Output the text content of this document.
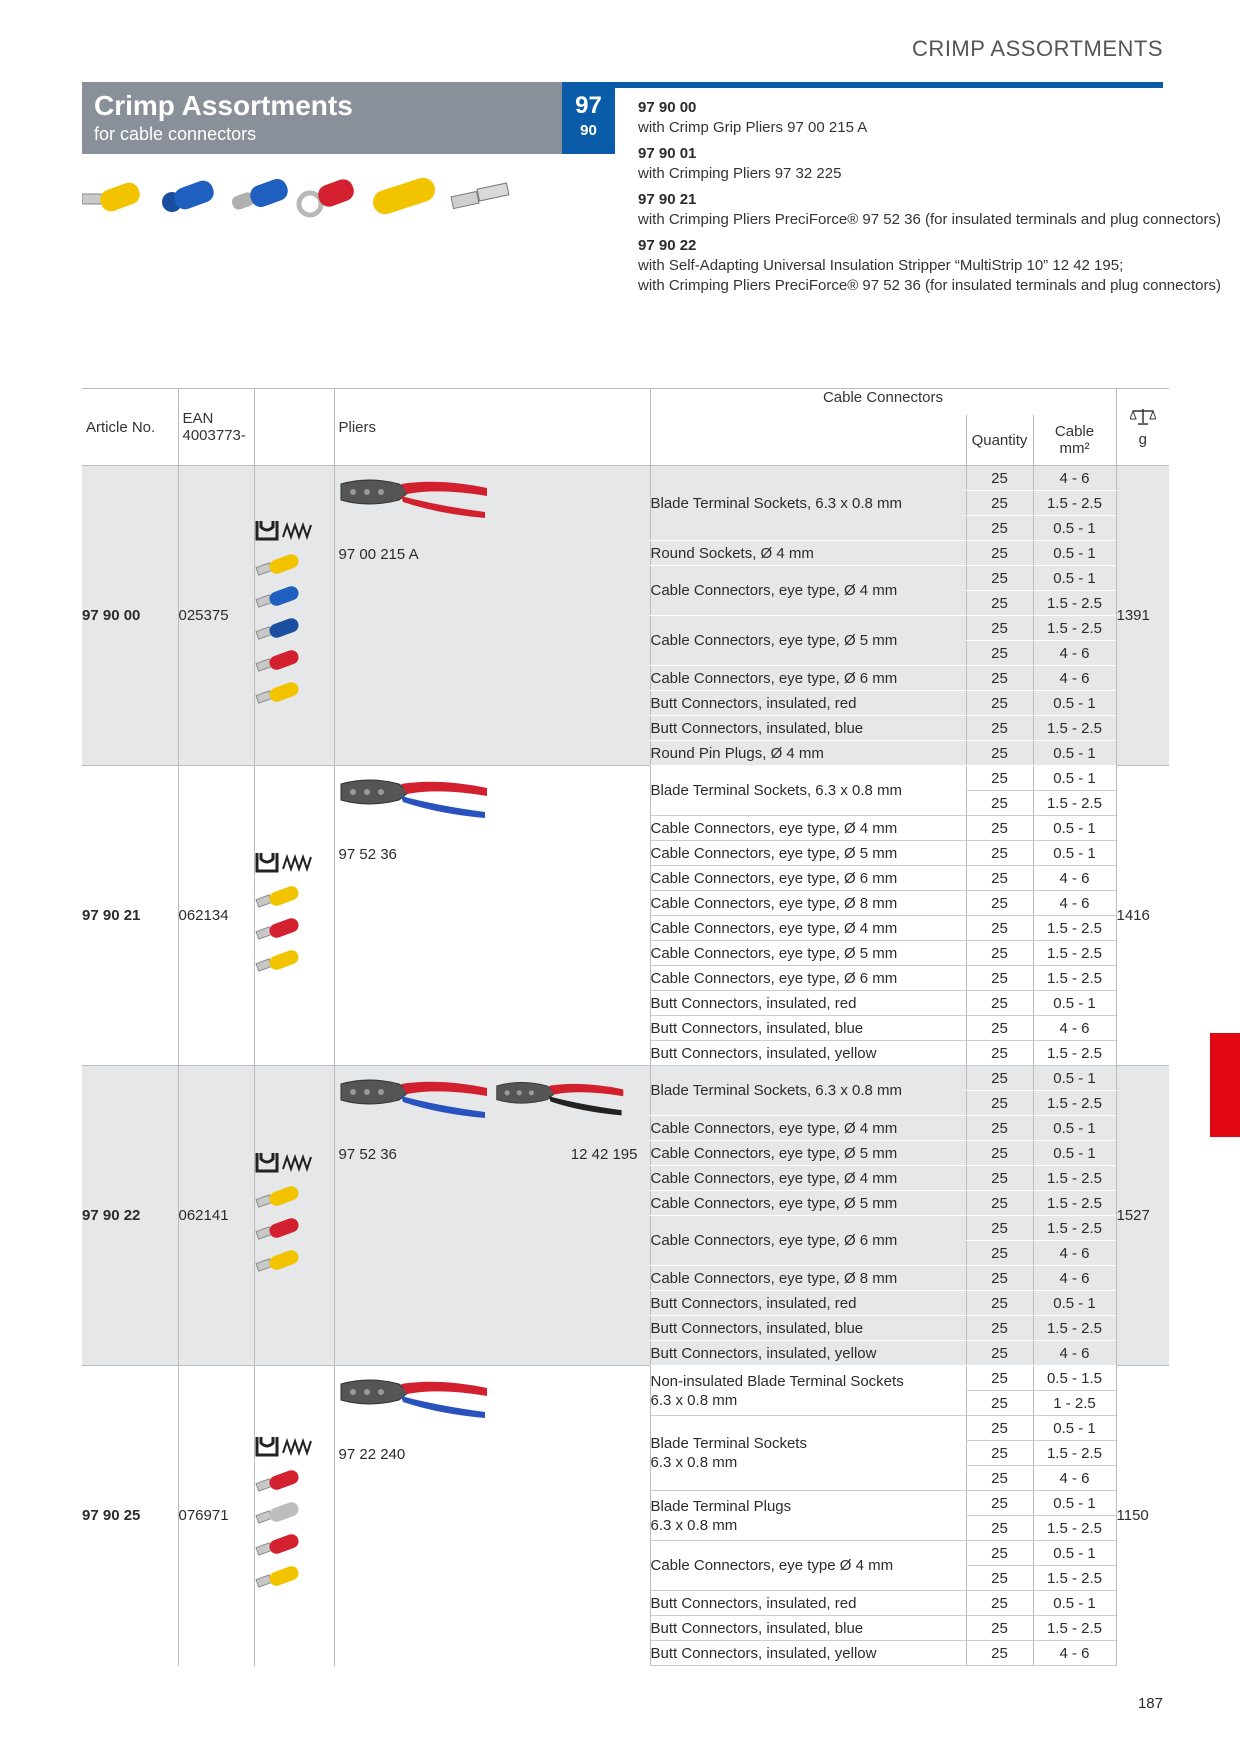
CRIMP ASSORTMENTS
Crimp Assortments
for cable connectors
97
90
97 90 00
with Crimp Grip Pliers 97 00 215 A
97 90 01
with Crimping Pliers 97 32 225
97 90 21
with Crimping Pliers PreciForce® 97 52 36 (for insulated terminals and plug connectors)
97 90 22
with Self-Adapting Universal Insulation Stripper “MultiStrip 10” 12 42 195;
with Crimping Pliers PreciForce® 97 52 36 (for insulated terminals and plug connectors)
Article No.	EAN
4003773-		Pliers	Cable Connectors			g

					Quantity	Cable
mm²	

97 90 00	025375		97 00 215 A	Blade Terminal Sockets, 6.3 x 0.8 mm	25	4 - 6	1391
					25	1.5 - 2.5	
					25	0.5 - 1	

				Round Sockets, Ø 4 mm	25	0.5 - 1	

				Cable Connectors, eye type, Ø 4 mm	25	0.5 - 1	
					25	1.5 - 2.5	

				Cable Connectors, eye type, Ø 5 mm	25	1.5 - 2.5	
					25	4 - 6	

				Cable Connectors, eye type, Ø 6 mm	25	4 - 6	

				Butt Connectors, insulated, red	25	0.5 - 1	

				Butt Connectors, insulated, blue	25	1.5 - 2.5	

				Round Pin Plugs, Ø 4 mm	25	0.5 - 1	
97 90 21	062134		97 52 36	Blade Terminal Sockets, 6.3 x 0.8 mm	25	0.5 - 1	1416
					25	1.5 - 2.5	

				Cable Connectors, eye type, Ø 4 mm	25	0.5 - 1	

				Cable Connectors, eye type, Ø 5 mm	25	0.5 - 1	

				Cable Connectors, eye type, Ø 6 mm	25	4 - 6	

				Cable Connectors, eye type, Ø 8 mm	25	4 - 6	

				Cable Connectors, eye type, Ø 4 mm	25	1.5 - 2.5	

				Cable Connectors, eye type, Ø 5 mm	25	1.5 - 2.5	

				Cable Connectors, eye type, Ø 6 mm	25	1.5 - 2.5	

				Butt Connectors, insulated, red	25	0.5 - 1	

				Butt Connectors, insulated, blue	25	4 - 6	

				Butt Connectors, insulated, yellow	25	1.5 - 2.5	
97 90 22	062141		97 52 36 12 42 195	Blade Terminal Sockets, 6.3 x 0.8 mm	25	0.5 - 1	1527
					25	1.5 - 2.5	

				Cable Connectors, eye type, Ø 4 mm	25	0.5 - 1	

				Cable Connectors, eye type, Ø 5 mm	25	0.5 - 1	

				Cable Connectors, eye type, Ø 4 mm	25	1.5 - 2.5	

				Cable Connectors, eye type, Ø 5 mm	25	1.5 - 2.5	

				Cable Connectors, eye type, Ø 6 mm	25	1.5 - 2.5	
					25	4 - 6	

				Cable Connectors, eye type, Ø 8 mm	25	4 - 6	

				Butt Connectors, insulated, red	25	0.5 - 1	

				Butt Connectors, insulated, blue	25	1.5 - 2.5	

				Butt Connectors, insulated, yellow	25	4 - 6	
97 90 25	076971		97 22 240	Non-insulated Blade Terminal Sockets
6.3 x 0.8 mm	25	0.5 - 1.5	1150
					25	1 - 2.5	

				Blade Terminal Sockets
6.3 x 0.8 mm	25	0.5 - 1	
					25	1.5 - 2.5	
					25	4 - 6	

				Blade Terminal Plugs
6.3 x 0.8 mm	25	0.5 - 1	
					25	1.5 - 2.5	

				Cable Connectors, eye type Ø 4 mm	25	0.5 - 1	
					25	1.5 - 2.5	

				Butt Connectors, insulated, red	25	0.5 - 1	

				Butt Connectors, insulated, blue	25	1.5 - 2.5	

				Butt Connectors, insulated, yellow	25	4 - 6	
187
